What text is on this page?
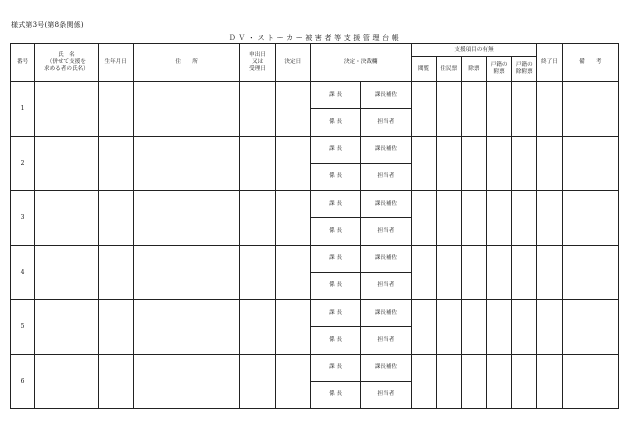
様式第3号(第8条関係)
ＤＶ・ストーカー被害者等支援管理台帳
番号	氏　名
（併せて支援を
求める者の氏名）	生年月日	住　　所	申出日
又は
受理日	決定日	決定・決裁欄		支援項目の有無					終了日	備　　考
								閲覧	住民票	除票	戸籍の
附票	戸籍の
除附票		
1						課 長	課長補佐							
						係 長	担当者							
2						課 長	課長補佐							
						係 長	担当者							
3						課 長	課長補佐							
						係 長	担当者							
4						課 長	課長補佐							
						係 長	担当者							
5						課 長	課長補佐							
						係 長	担当者							
6						課 長	課長補佐							
						係 長	担当者							
